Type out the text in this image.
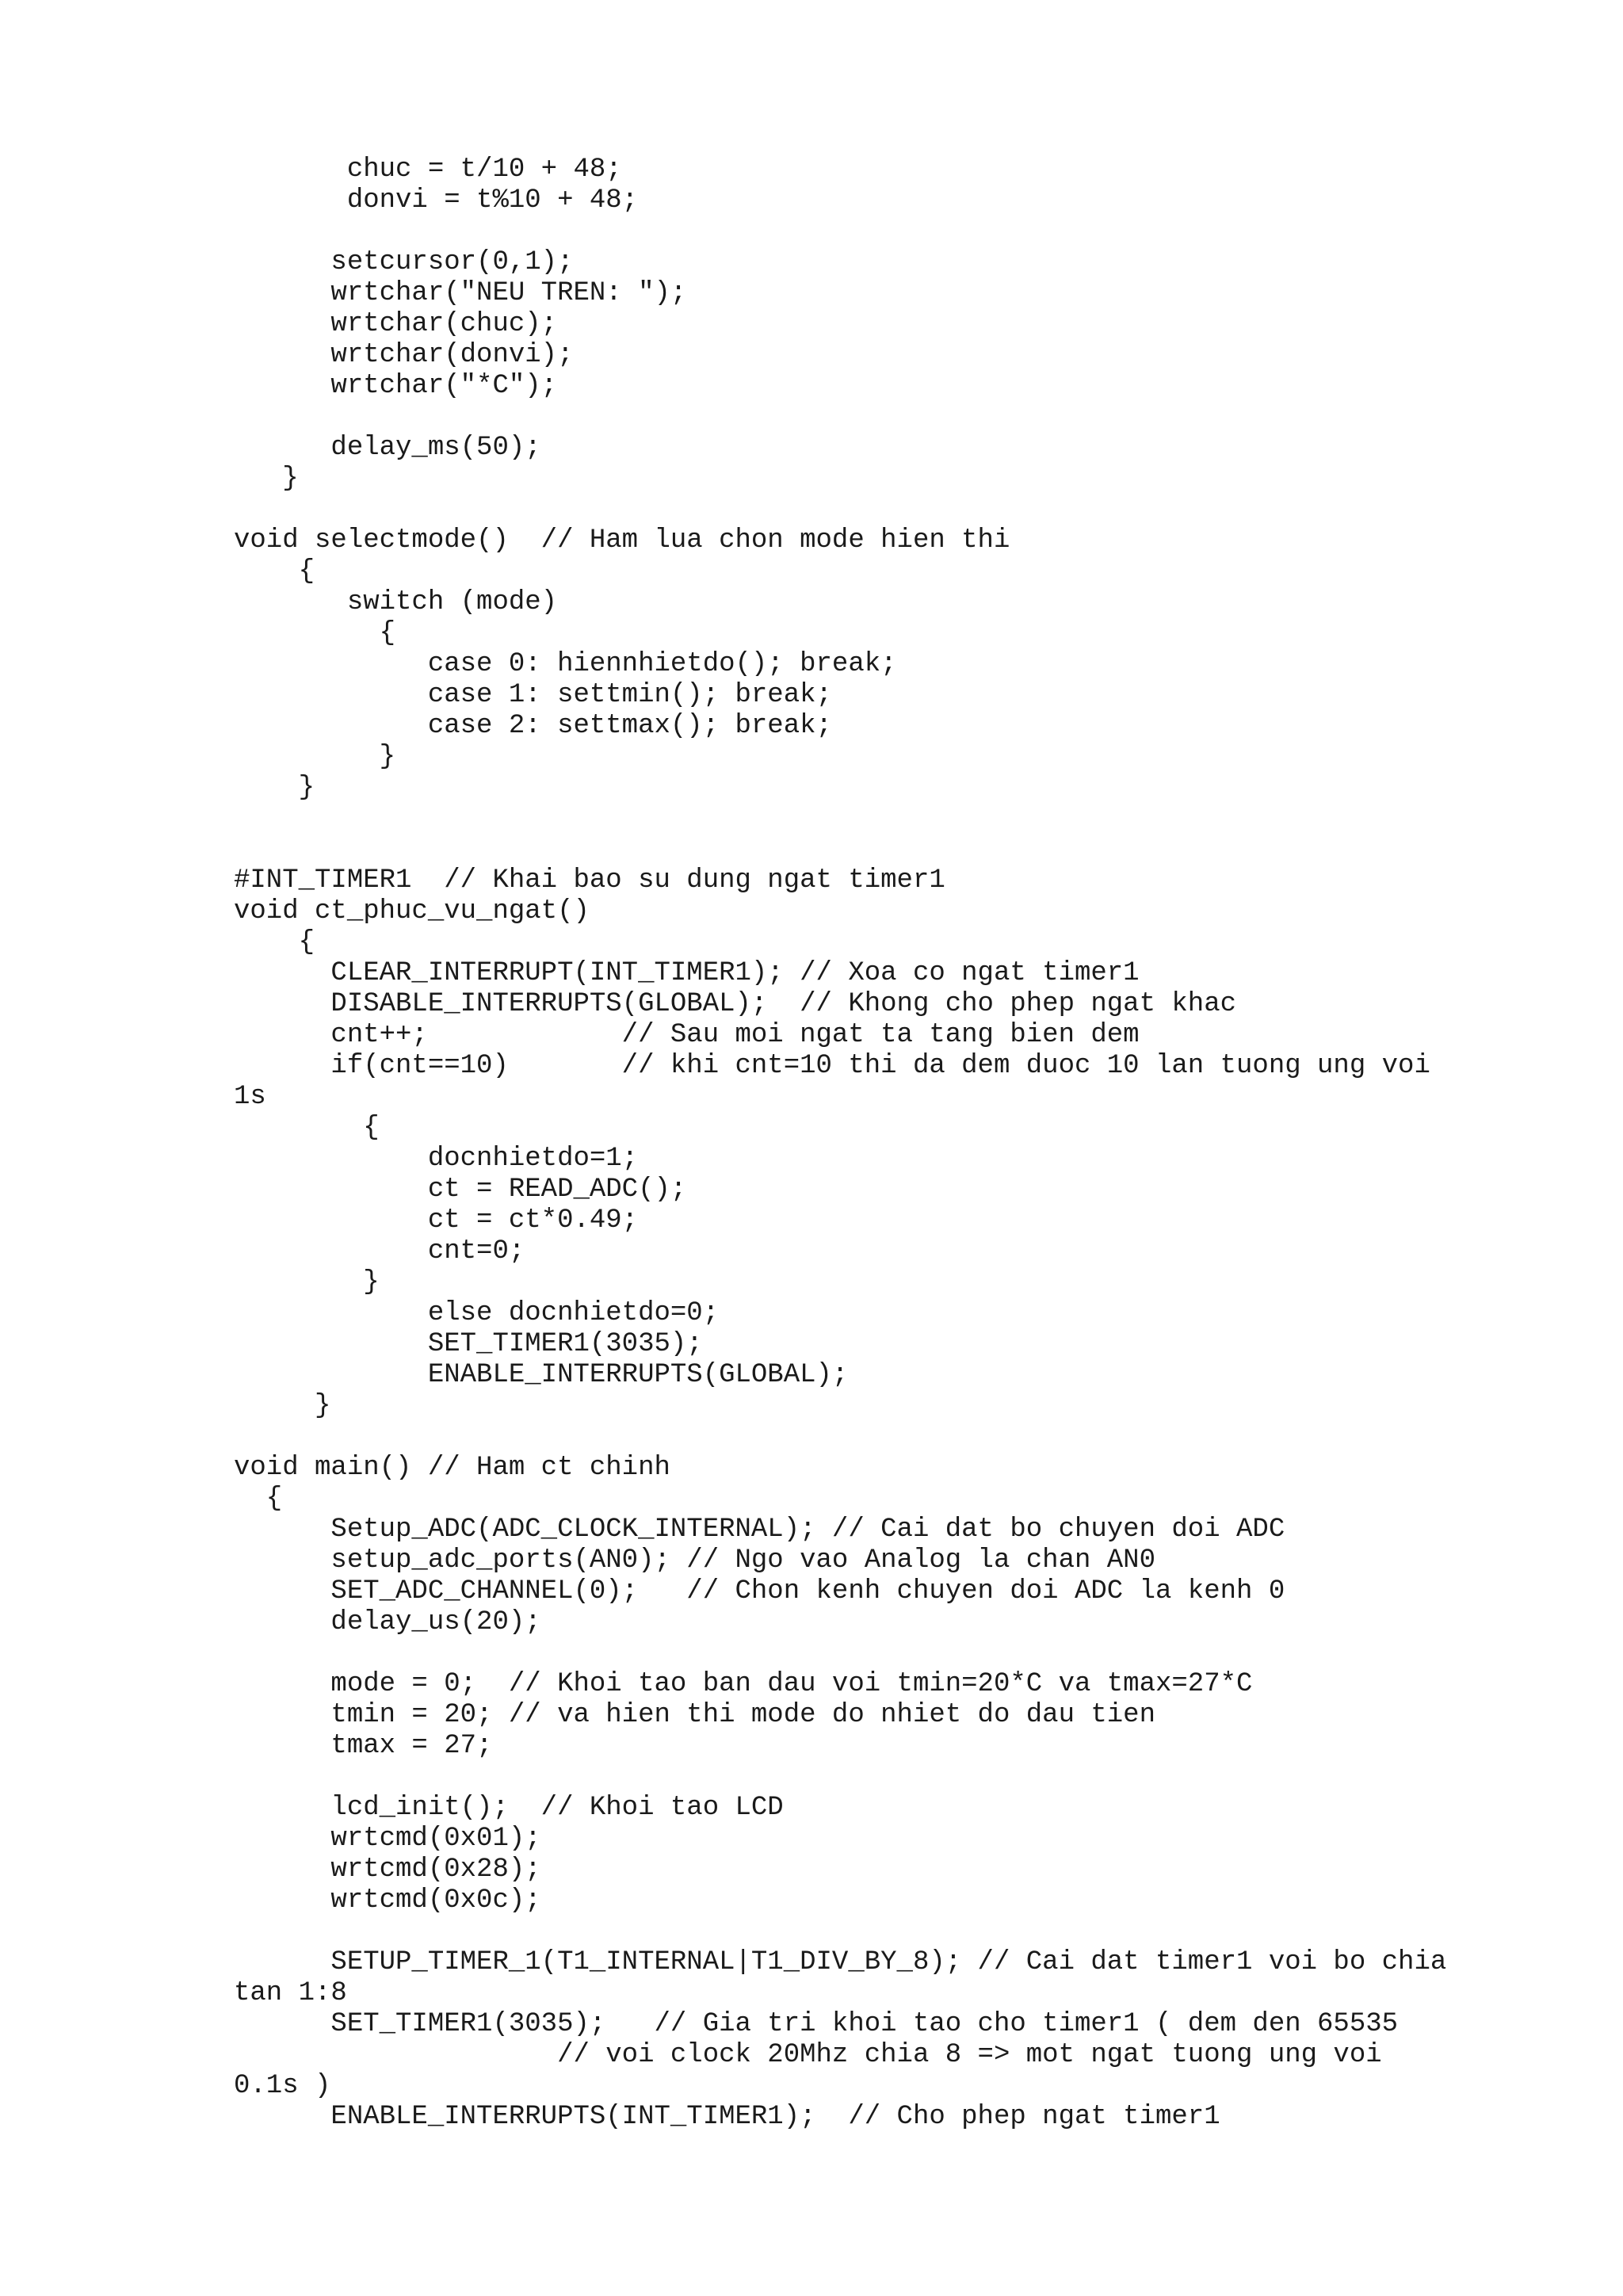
chuc = t/10 + 48;
donvi = t%10 + 48;
setcursor(0,1);
wrtchar("NEU TREN: ");
wrtchar(chuc);
wrtchar(donvi);
wrtchar("*C");
delay_ms(50);
}
void selectmode()  // Ham lua chon mode hien thi
{
switch (mode)
{
case 0: hiennhietdo(); break;
case 1: settmin(); break;
case 2: settmax(); break;
}
}
#INT_TIMER1  // Khai bao su dung ngat timer1
void ct_phuc_vu_ngat()
{
CLEAR_INTERRUPT(INT_TIMER1); // Xoa co ngat timer1
DISABLE_INTERRUPTS(GLOBAL);  // Khong cho phep ngat khac
cnt++;            // Sau moi ngat ta tang bien dem
if(cnt==10)       // khi cnt=10 thi da dem duoc 10 lan tuong ung voi
1s
{
docnhietdo=1;
ct = READ_ADC();
ct = ct*0.49;
cnt=0;
}
else docnhietdo=0;
SET_TIMER1(3035);
ENABLE_INTERRUPTS(GLOBAL);
}
void main() // Ham ct chinh
{
Setup_ADC(ADC_CLOCK_INTERNAL); // Cai dat bo chuyen doi ADC
setup_adc_ports(AN0); // Ngo vao Analog la chan AN0
SET_ADC_CHANNEL(0);   // Chon kenh chuyen doi ADC la kenh 0
delay_us(20);
mode = 0;  // Khoi tao ban dau voi tmin=20*C va tmax=27*C
tmin = 20; // va hien thi mode do nhiet do dau tien
tmax = 27;
lcd_init();  // Khoi tao LCD
wrtcmd(0x01);
wrtcmd(0x28);
wrtcmd(0x0c);
SETUP_TIMER_1(T1_INTERNAL|T1_DIV_BY_8); // Cai dat timer1 voi bo chia
tan 1:8
SET_TIMER1(3035);   // Gia tri khoi tao cho timer1 ( dem den 65535
// voi clock 20Mhz chia 8 => mot ngat tuong ung voi
0.1s )
ENABLE_INTERRUPTS(INT_TIMER1);  // Cho phep ngat timer1
